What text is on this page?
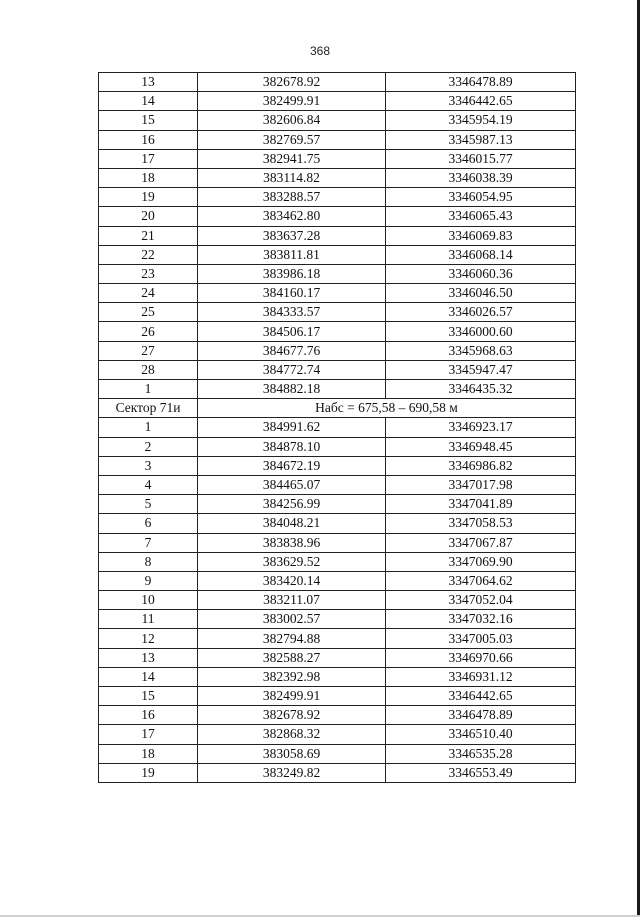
368
13	382678.92	3346478.89
14	382499.91	3346442.65
15	382606.84	3345954.19
16	382769.57	3345987.13
17	382941.75	3346015.77
18	383114.82	3346038.39
19	383288.57	3346054.95
20	383462.80	3346065.43
21	383637.28	3346069.83
22	383811.81	3346068.14
23	383986.18	3346060.36
24	384160.17	3346046.50
25	384333.57	3346026.57
26	384506.17	3346000.60
27	384677.76	3345968.63
28	384772.74	3345947.47
1	384882.18	3346435.32
Сектор 71и	Набс = 675,58 – 690,58 м	
1	384991.62	3346923.17
2	384878.10	3346948.45
3	384672.19	3346986.82
4	384465.07	3347017.98
5	384256.99	3347041.89
6	384048.21	3347058.53
7	383838.96	3347067.87
8	383629.52	3347069.90
9	383420.14	3347064.62
10	383211.07	3347052.04
11	383002.57	3347032.16
12	382794.88	3347005.03
13	382588.27	3346970.66
14	382392.98	3346931.12
15	382499.91	3346442.65
16	382678.92	3346478.89
17	382868.32	3346510.40
18	383058.69	3346535.28
19	383249.82	3346553.49
